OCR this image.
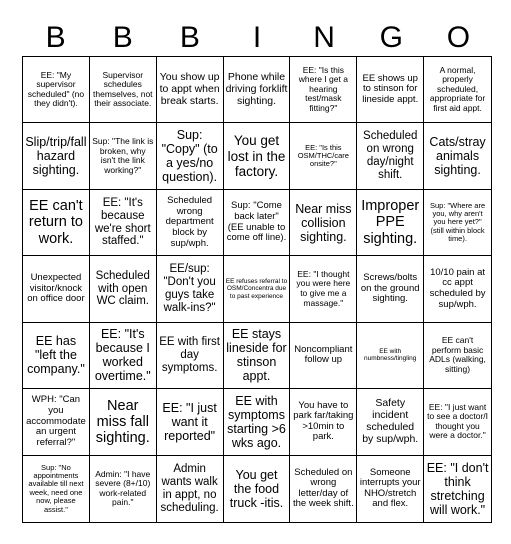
B	B	B	I	N	G	O
EE: "My supervisor scheduled" (no they didn't).
Supervisor schedules themselves, not their associate.
You show up to appt when break starts.
Phone while driving forklift sighting.
EE: "Is this where I get a hearing test/mask fitting?"
EE shows up to stinson for lineside appt.
A normal, properly scheduled, appropriate for first aid appt.
Slip/trip/fall hazard sighting.
Sup: "The link is broken, why isn't the link working?"
Sup: "Copy" (to a yes/no question).
You get lost in the factory.
EE: "Is this OSM/THC/care onsite?"
Scheduled on wrong day/night shift.
Cats/stray animals sighting.
EE can't return to work.
EE: "It's because we're short staffed."
Scheduled wrong department block by sup/wph.
Sup: "Come back later" (EE unable to come off line).
Near miss collision sighting.
Improper PPE sighting.
Sup: "Where are you, why aren't you here yet?" (still within block time).
Unexpected visitor/knock on office door
Scheduled with open WC claim.
EE/sup: "Don't you guys take walk-ins?"
EE refuses referral to OSM/Concentra due to past experience
EE: "I thought you were here to give me a massage."
Screws/bolts on the ground sighting.
10/10 pain at cc appt scheduled by sup/wph.
EE has "left the company."
EE: "It's because I worked overtime."
EE with first day symptoms.
EE stays lineside for stinson appt.
Noncompliant follow up
EE with numbness/tingling
EE can't perform basic ADLs (walking, sitting)
WPH: "Can you accommodate an urgent referral?"
Near miss fall sighting.
EE: "I just want it reported"
EE with symptoms starting >6 wks ago.
You have to park far/taking >10min to park.
Safety incident scheduled by sup/wph.
EE: "I just want to see a doctor/I thought you were a doctor."
Sup: "No appointments available till next week, need one now, please assist."
Admin: "I have severe (8+/10) work-related pain."
Admin wants walk in appt, no scheduling.
You get the food truck -itis.
Scheduled on wrong letter/day of the week shift.
Someone interrupts your NHO/stretch and flex.
EE: "I don't think stretching will work."
